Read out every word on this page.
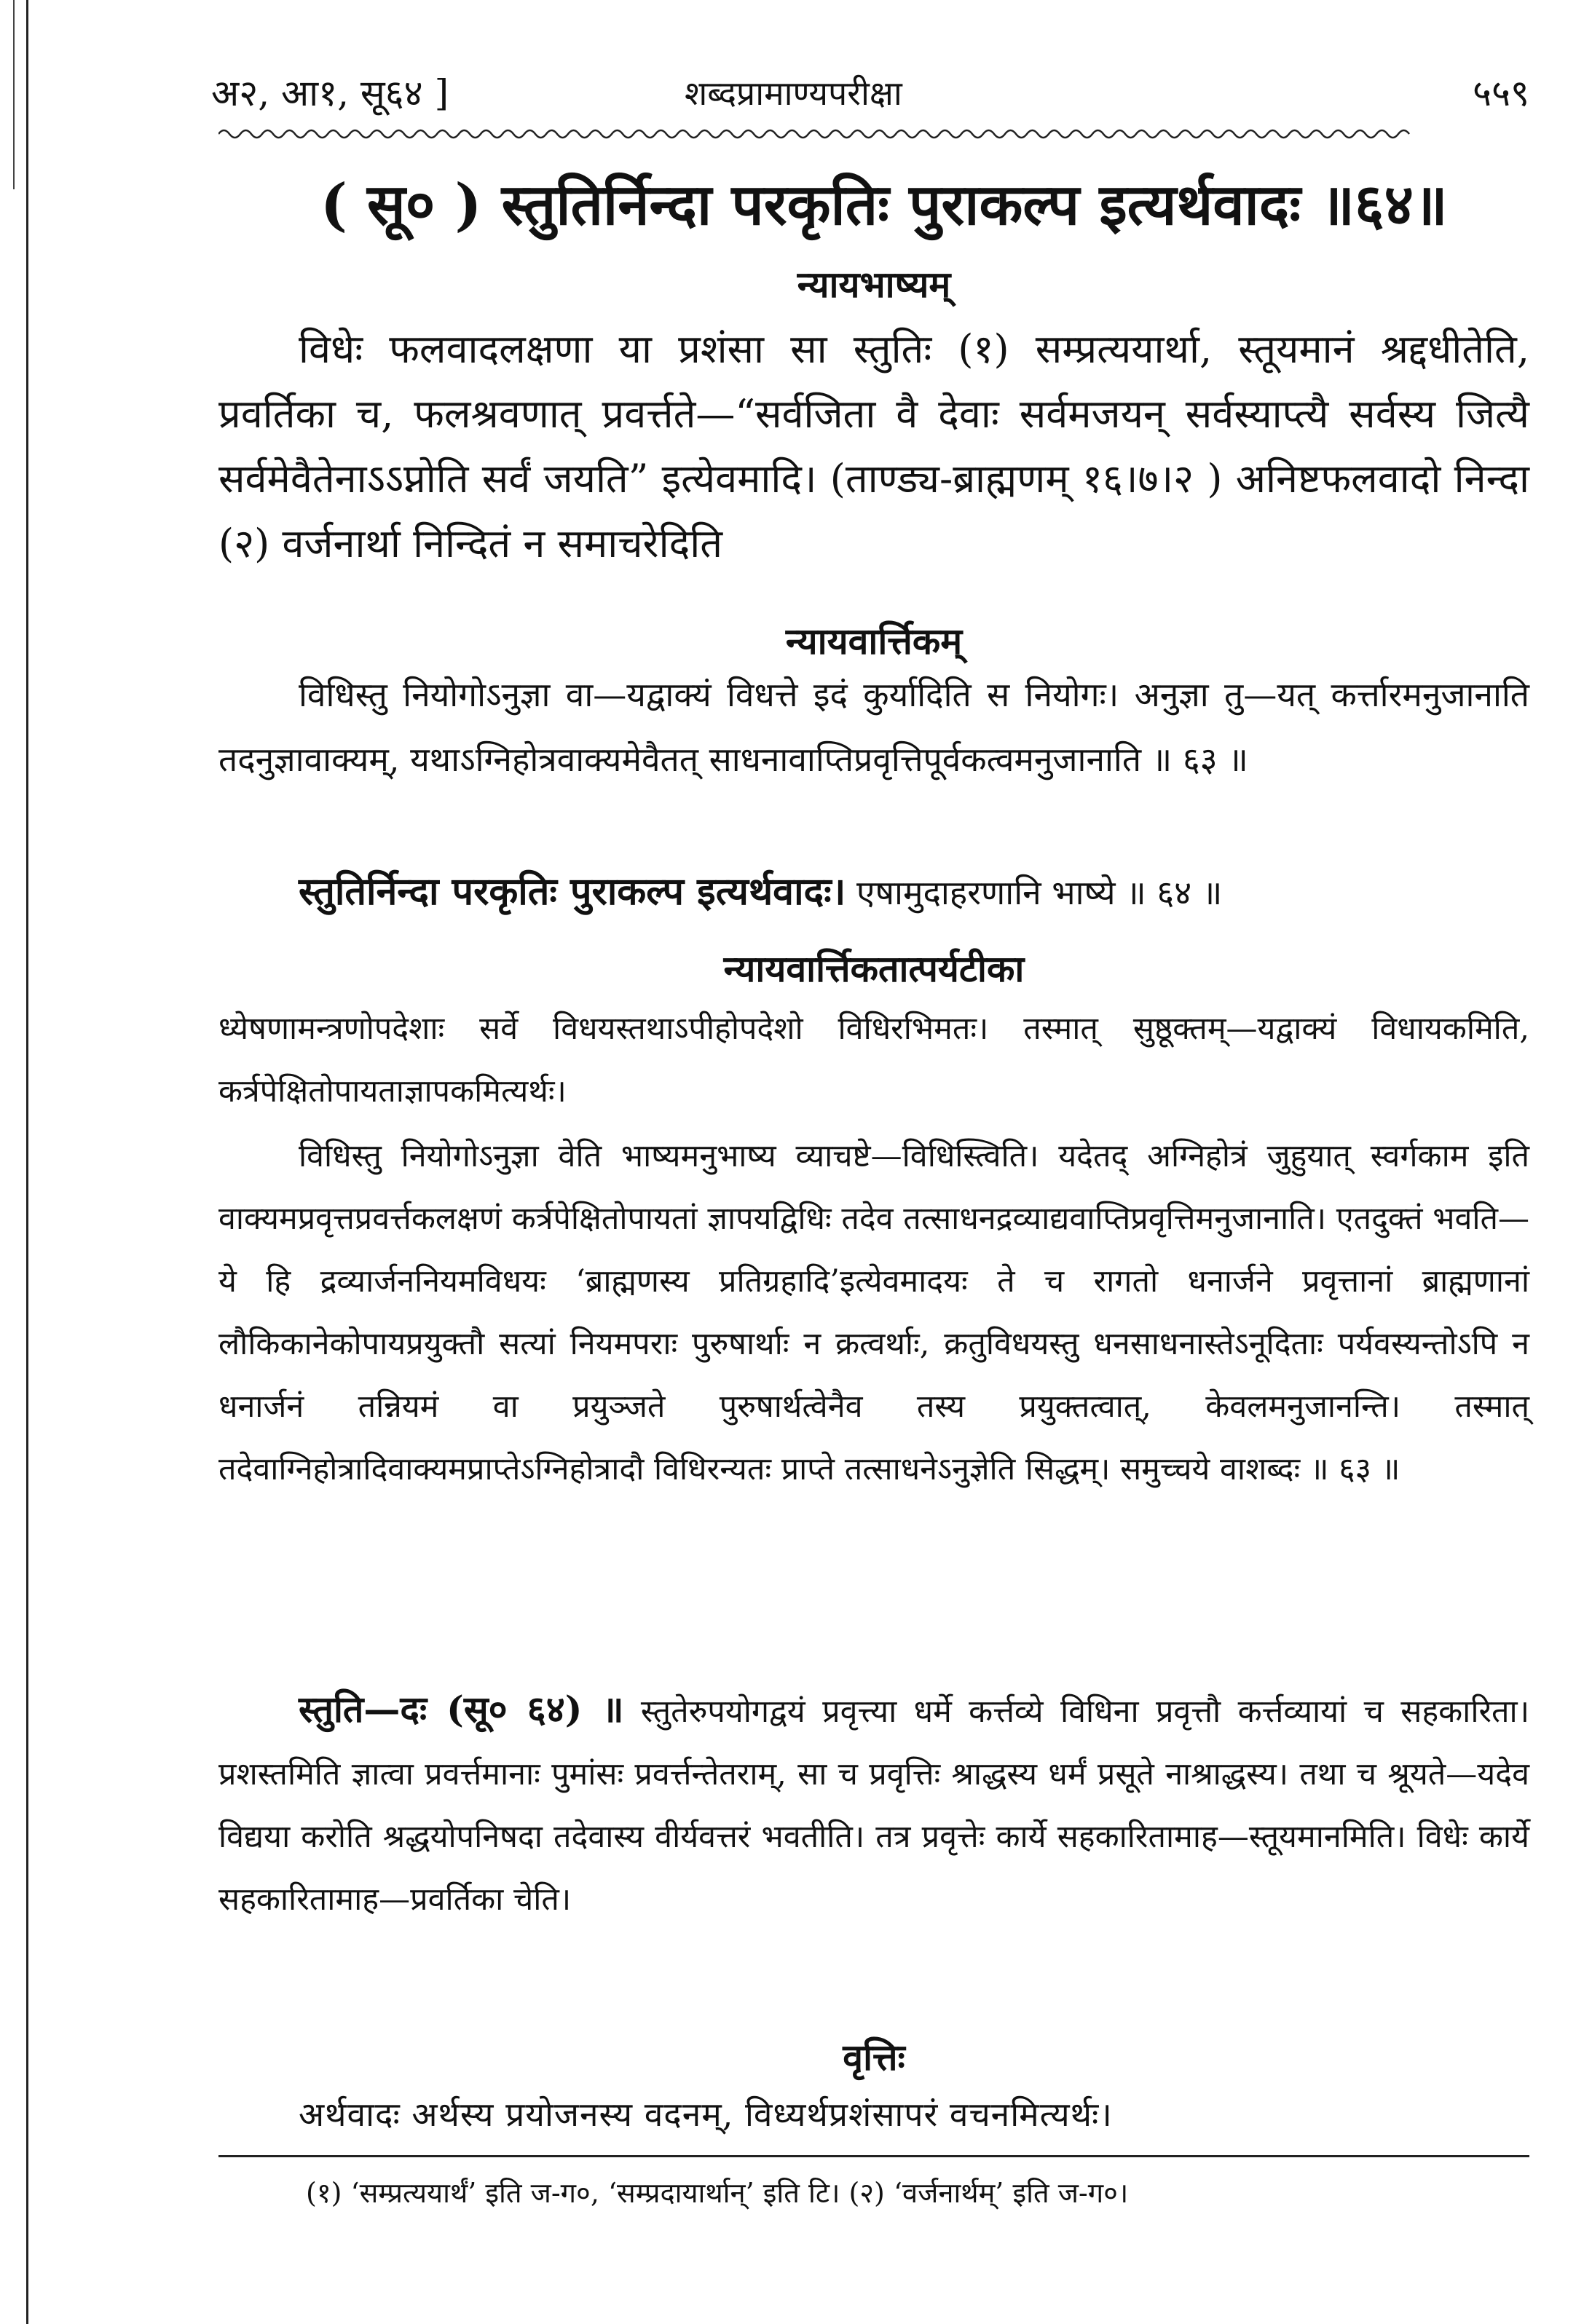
अ२, आ१, सू६४ ]	शब्दप्रामाण्यपरीक्षा	५५९
( सू० ) स्तुतिर्निन्दा परकृतिः पुराकल्प इत्यर्थवादः ॥६४॥
न्यायभाष्यम्
विधेः फलवादलक्षणा या प्रशंसा सा स्तुतिः (१) सम्प्रत्ययार्था, स्तूयमानं श्रद्दधीतेति, प्रवर्तिका च, फलश्रवणात् प्रवर्त्तते—“सर्वजिता वै देवाः सर्वमजयन् सर्वस्याप्त्यै सर्वस्य जित्यै सर्वमेवैतेनाऽऽप्नोति सर्वं जयति” इत्येवमादि। (ताण्ड्य-ब्राह्मणम् १६।७।२ ) अनिष्टफलवादो निन्दा (२) वर्जनार्था निन्दितं न समाचरेदिति
न्यायवार्त्तिकम्
विधिस्तु नियोगोऽनुज्ञा वा—यद्वाक्यं विधत्ते इदं कुर्यादिति स नियोगः। अनुज्ञा तु—यत् कर्त्तारमनुजानाति तदनुज्ञावाक्यम्, यथाऽग्निहोत्रवाक्यमेवैतत् साधनावाप्तिप्रवृत्तिपूर्वकत्वमनुजानाति ॥ ६३ ॥
स्तुतिर्निन्दा परकृतिः पुराकल्प इत्यर्थवादः। एषामुदाहरणानि भाष्ये ॥ ६४ ॥
न्यायवार्त्तिकतात्पर्यटीका
ध्येषणामन्त्रणोपदेशाः सर्वे विधयस्तथाऽपीहोपदेशो विधिरभिमतः। तस्मात् सुष्ठूक्तम्—यद्वाक्यं विधायकमिति, कर्त्रपेक्षितोपायताज्ञापकमित्यर्थः।
विधिस्तु नियोगोऽनुज्ञा वेति भाष्यमनुभाष्य व्याचष्टे—विधिस्त्विति। यदेतद् अग्निहोत्रं जुहुयात् स्वर्गकाम इति वाक्यमप्रवृत्तप्रवर्त्तकलक्षणं कर्त्रपेक्षितोपायतां ज्ञापयद्विधिः तदेव तत्साधनद्रव्याद्यवाप्तिप्रवृत्तिमनुजानाति। एतदुक्तं भवति—ये हि द्रव्यार्जननियमविधयः ‘ब्राह्मणस्य प्रतिग्रहादि’इत्येवमादयः ते च रागतो धनार्जने प्रवृत्तानां ब्राह्मणानां लौकिकानेकोपायप्रयुक्तौ सत्यां नियमपराः पुरुषार्थाः न क्रत्वर्थाः, क्रतुविधयस्तु धनसाधनास्तेऽनूदिताः पर्यवस्यन्तोऽपि न धनार्जनं तन्नियमं वा प्रयुञ्जते पुरुषार्थत्वेनैव तस्य प्रयुक्तत्वात्, केवलमनुजानन्ति। तस्मात् तदेवाग्निहोत्रादिवाक्यमप्राप्तेऽग्निहोत्रादौ विधिरन्यतः प्राप्ते तत्साधनेऽनुज्ञेति सिद्धम्। समुच्चये वाशब्दः ॥ ६३ ॥
स्तुति—दः (सू० ६४) ॥ स्तुतेरुपयोगद्वयं प्रवृत्त्या धर्मे कर्त्तव्ये विधिना प्रवृत्तौ कर्त्तव्यायां च सहकारिता। प्रशस्तमिति ज्ञात्वा प्रवर्त्तमानाः पुमांसः प्रवर्त्तन्तेतराम्, सा च प्रवृत्तिः श्राद्धस्य धर्मं प्रसूते नाश्राद्धस्य। तथा च श्रूयते—यदेव विद्यया करोति श्रद्धयोपनिषदा तदेवास्य वीर्यवत्तरं भवतीति। तत्र प्रवृत्तेः कार्ये सहकारितामाह—स्तूयमानमिति। विधेः कार्ये सहकारितामाह—प्रवर्तिका चेति।
वृत्तिः
अर्थवादः अर्थस्य प्रयोजनस्य वदनम्, विध्यर्थप्रशंसापरं वचनमित्यर्थः।
(१) ‘सम्प्रत्ययार्थं’ इति ज-ग०, ‘सम्प्रदायार्थान्’ इति टि। (२) ‘वर्जनार्थम्’ इति ज-ग०।
